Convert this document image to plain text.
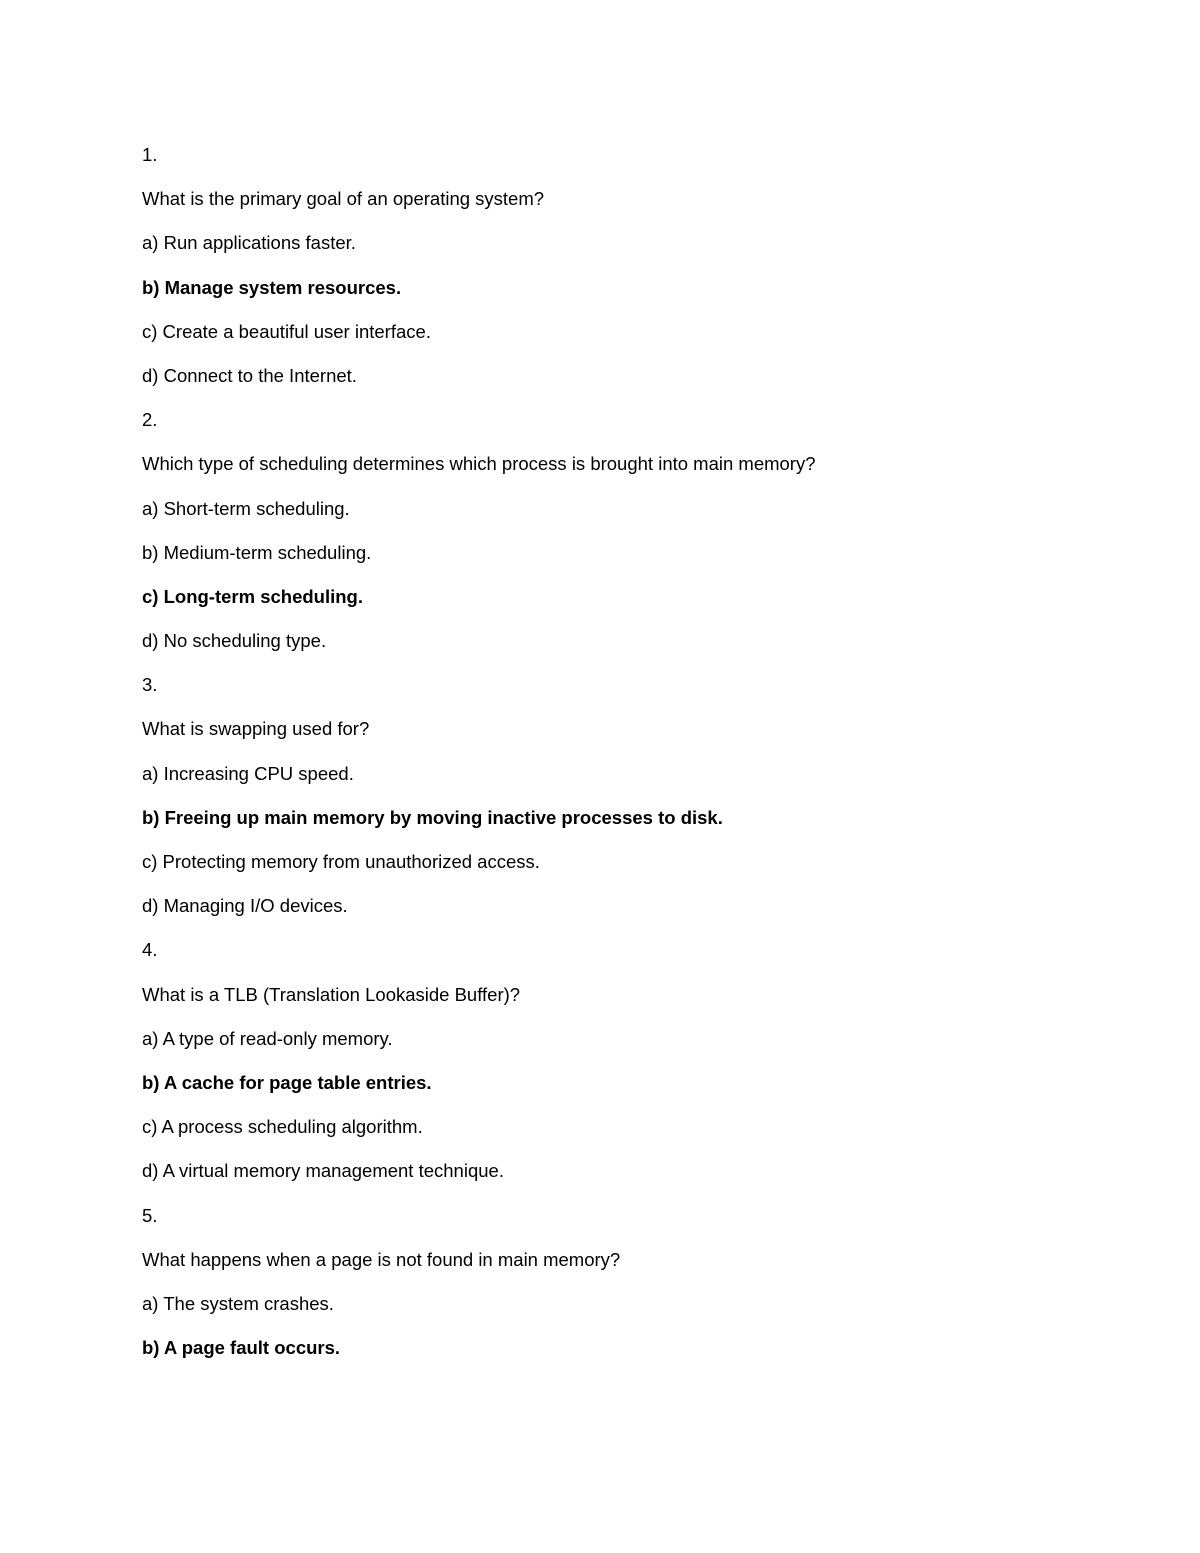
1.
What is the primary goal of an operating system?
a) Run applications faster.
b) Manage system resources.
c) Create a beautiful user interface.
d) Connect to the Internet.
2.
Which type of scheduling determines which process is brought into main memory?
a) Short-term scheduling.
b) Medium-term scheduling.
c) Long-term scheduling.
d) No scheduling type.
3.
What is swapping used for?
a) Increasing CPU speed.
b) Freeing up main memory by moving inactive processes to disk.
c) Protecting memory from unauthorized access.
d) Managing I/O devices.
4.
What is a TLB (Translation Lookaside Buffer)?
a) A type of read-only memory.
b) A cache for page table entries.
c) A process scheduling algorithm.
d) A virtual memory management technique.
5.
What happens when a page is not found in main memory?
a) The system crashes.
b) A page fault occurs.
